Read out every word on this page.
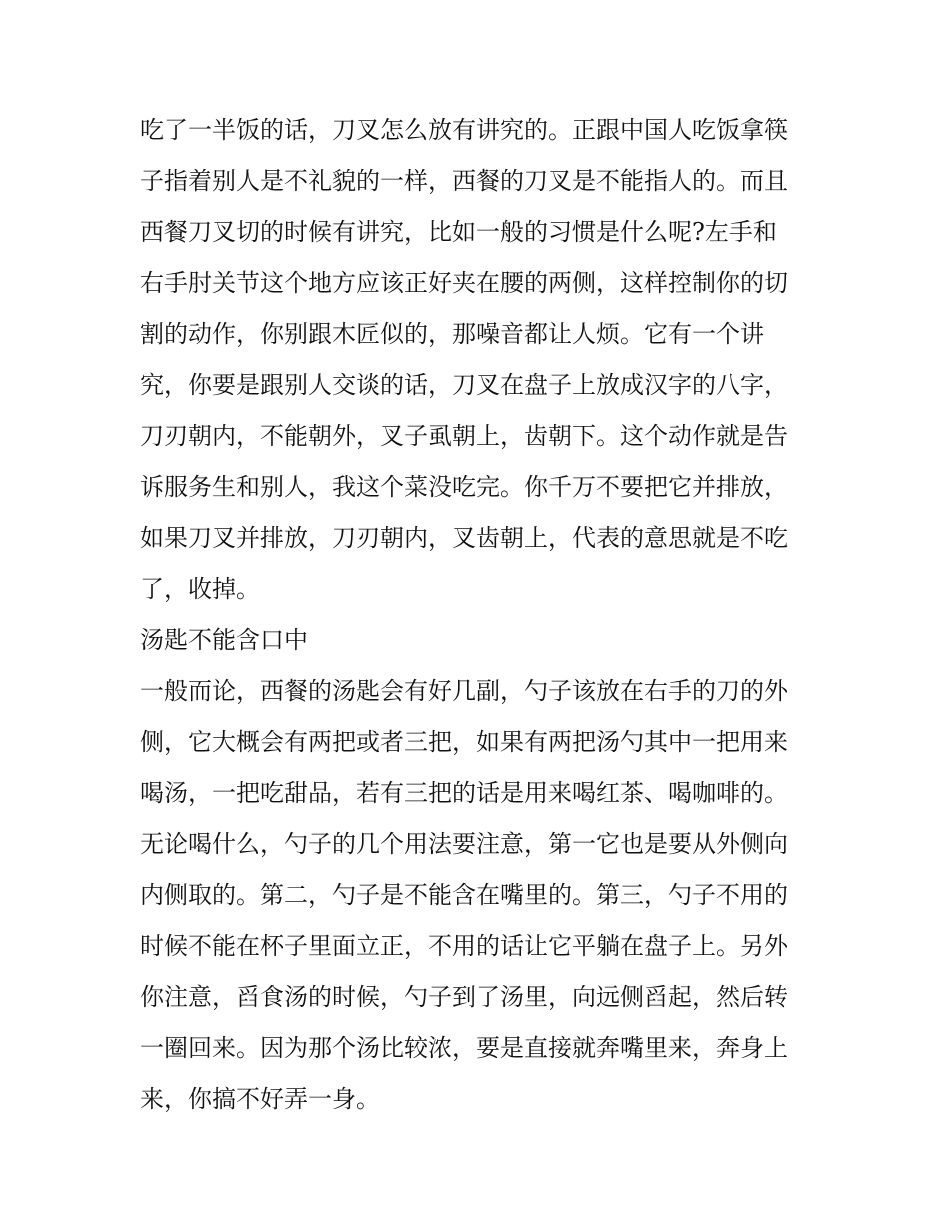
吃了一半饭的话，刀叉怎么放有讲究的。正跟中国人吃饭拿筷
子指着别人是不礼貌的一样，西餐的刀叉是不能指人的。而且
西餐刀叉切的时候有讲究，比如一般的习惯是什么呢?左手和
右手肘关节这个地方应该正好夹在腰的两侧，这样控制你的切
割的动作，你别跟木匠似的，那噪音都让人烦。它有一个讲
究，你要是跟别人交谈的话，刀叉在盘子上放成汉字的八字，
刀刃朝内，不能朝外，叉子虱朝上，齿朝下。这个动作就是告
诉服务生和别人，我这个菜没吃完。你千万不要把它并排放，
如果刀叉并排放，刀刃朝内，叉齿朝上，代表的意思就是不吃
了，收掉。
汤匙不能含口中
一般而论，西餐的汤匙会有好几副，勺子该放在右手的刀的外
侧，它大概会有两把或者三把，如果有两把汤勺其中一把用来
喝汤，一把吃甜品，若有三把的话是用来喝红茶、喝咖啡的。
无论喝什么，勺子的几个用法要注意，第一它也是要从外侧向
内侧取的。第二，勺子是不能含在嘴里的。第三，勺子不用的
时候不能在杯子里面立正，不用的话让它平躺在盘子上。另外
你注意，舀食汤的时候，勺子到了汤里，向远侧舀起，然后转
一圈回来。因为那个汤比较浓，要是直接就奔嘴里来，奔身上
来，你搞不好弄一身。
